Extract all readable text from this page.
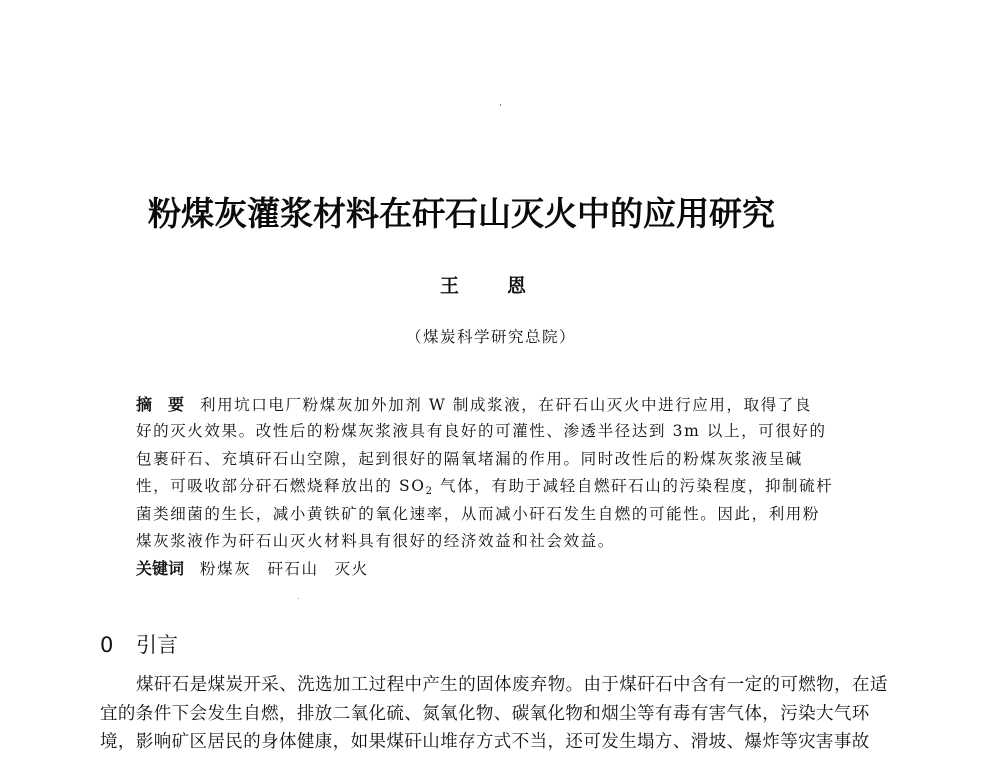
粉煤灰灌浆材料在矸石山灭火中的应用研究
王	恩
（煤炭科学研究总院）
摘　要 利用坑口电厂粉煤灰加外加剂 W 制成浆液，在矸石山灭火中进行应用，取得了良
好的灭火效果。改性后的粉煤灰浆液具有良好的可灌性、渗透半径达到 3m 以上，可很好的
包裹矸石、充填矸石山空隙，起到很好的隔氧堵漏的作用。同时改性后的粉煤灰浆液呈碱
性，可吸收部分矸石燃烧释放出的 $SO_2$ 气体，有助于减轻自燃矸石山的污染程度，抑制硫杆
菌类细菌的生长，减小黄铁矿的氧化速率，从而减小矸石发生自燃的可能性。因此，利用粉
煤灰浆液作为矸石山灭火材料具有很好的经济效益和社会效益。
关键词 粉煤灰 矸石山 灭火
0 引言
煤矸石是煤炭开采、洗选加工过程中产生的固体废弃物。由于煤矸石中含有一定的可燃物，在适
宜的条件下会发生自燃，排放二氧化硫、氮氧化物、碳氧化物和烟尘等有毒有害气体，污染大气环
境，影响矿区居民的身体健康，如果煤矸山堆存方式不当，还可发生塌方、滑坡、爆炸等灾害事故
